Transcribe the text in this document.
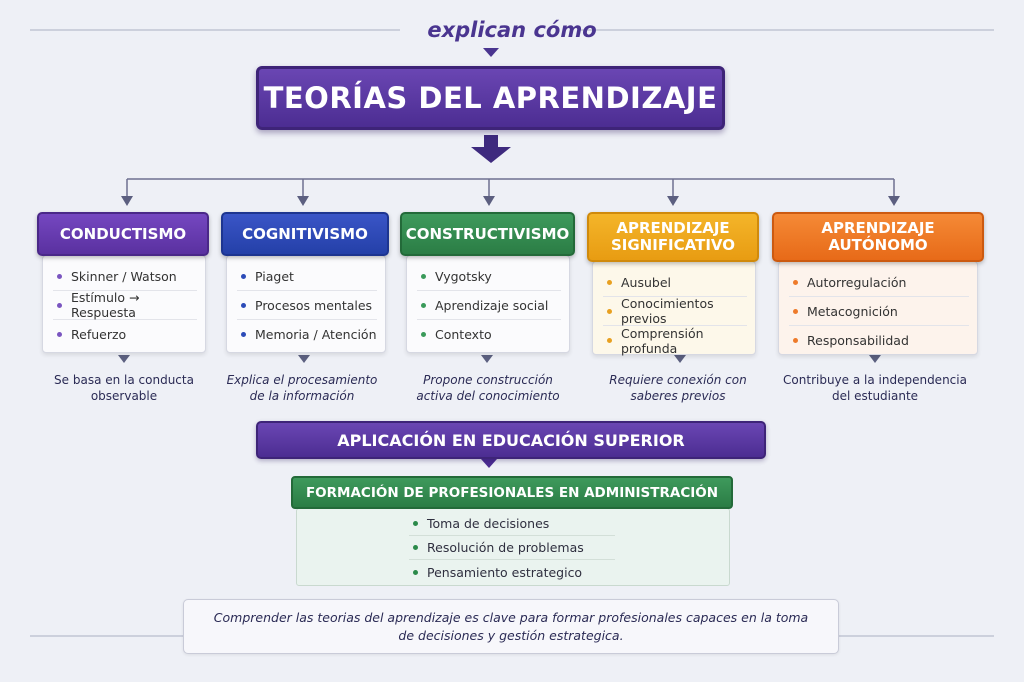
explican cómo
TEORÍAS DEL APRENDIZAJE
CONDUCTISMO
Skinner / Watson
Estímulo → Respuesta
Refuerzo
Se basa en la conducta observable
COGNITIVISMO
Piaget
Procesos mentales
Memoria / Atención
Explica el procesamiento de la información
CONSTRUCTIVISMO
Vygotsky
Aprendizaje social
Contexto
Propone construcción activa del conocimiento
APRENDIZAJE SIGNIFICATIVO
Ausubel
Conocimientos previos
Comprensión profunda
Requiere conexión con saberes previos
APRENDIZAJE AUTÓNOMO
Autorregulación
Metacognición
Responsabilidad
Contribuye a la independencia del estudiante
APLICACIÓN EN EDUCACIÓN SUPERIOR
FORMACIÓN DE PROFESIONALES EN ADMINISTRACIÓN
Toma de decisiones
Resolución de problemas
Pensamiento estrategico
Comprender las teorias del aprendizaje es clave para formar profesionales capaces en la toma de decisiones y gestión estrategica.
